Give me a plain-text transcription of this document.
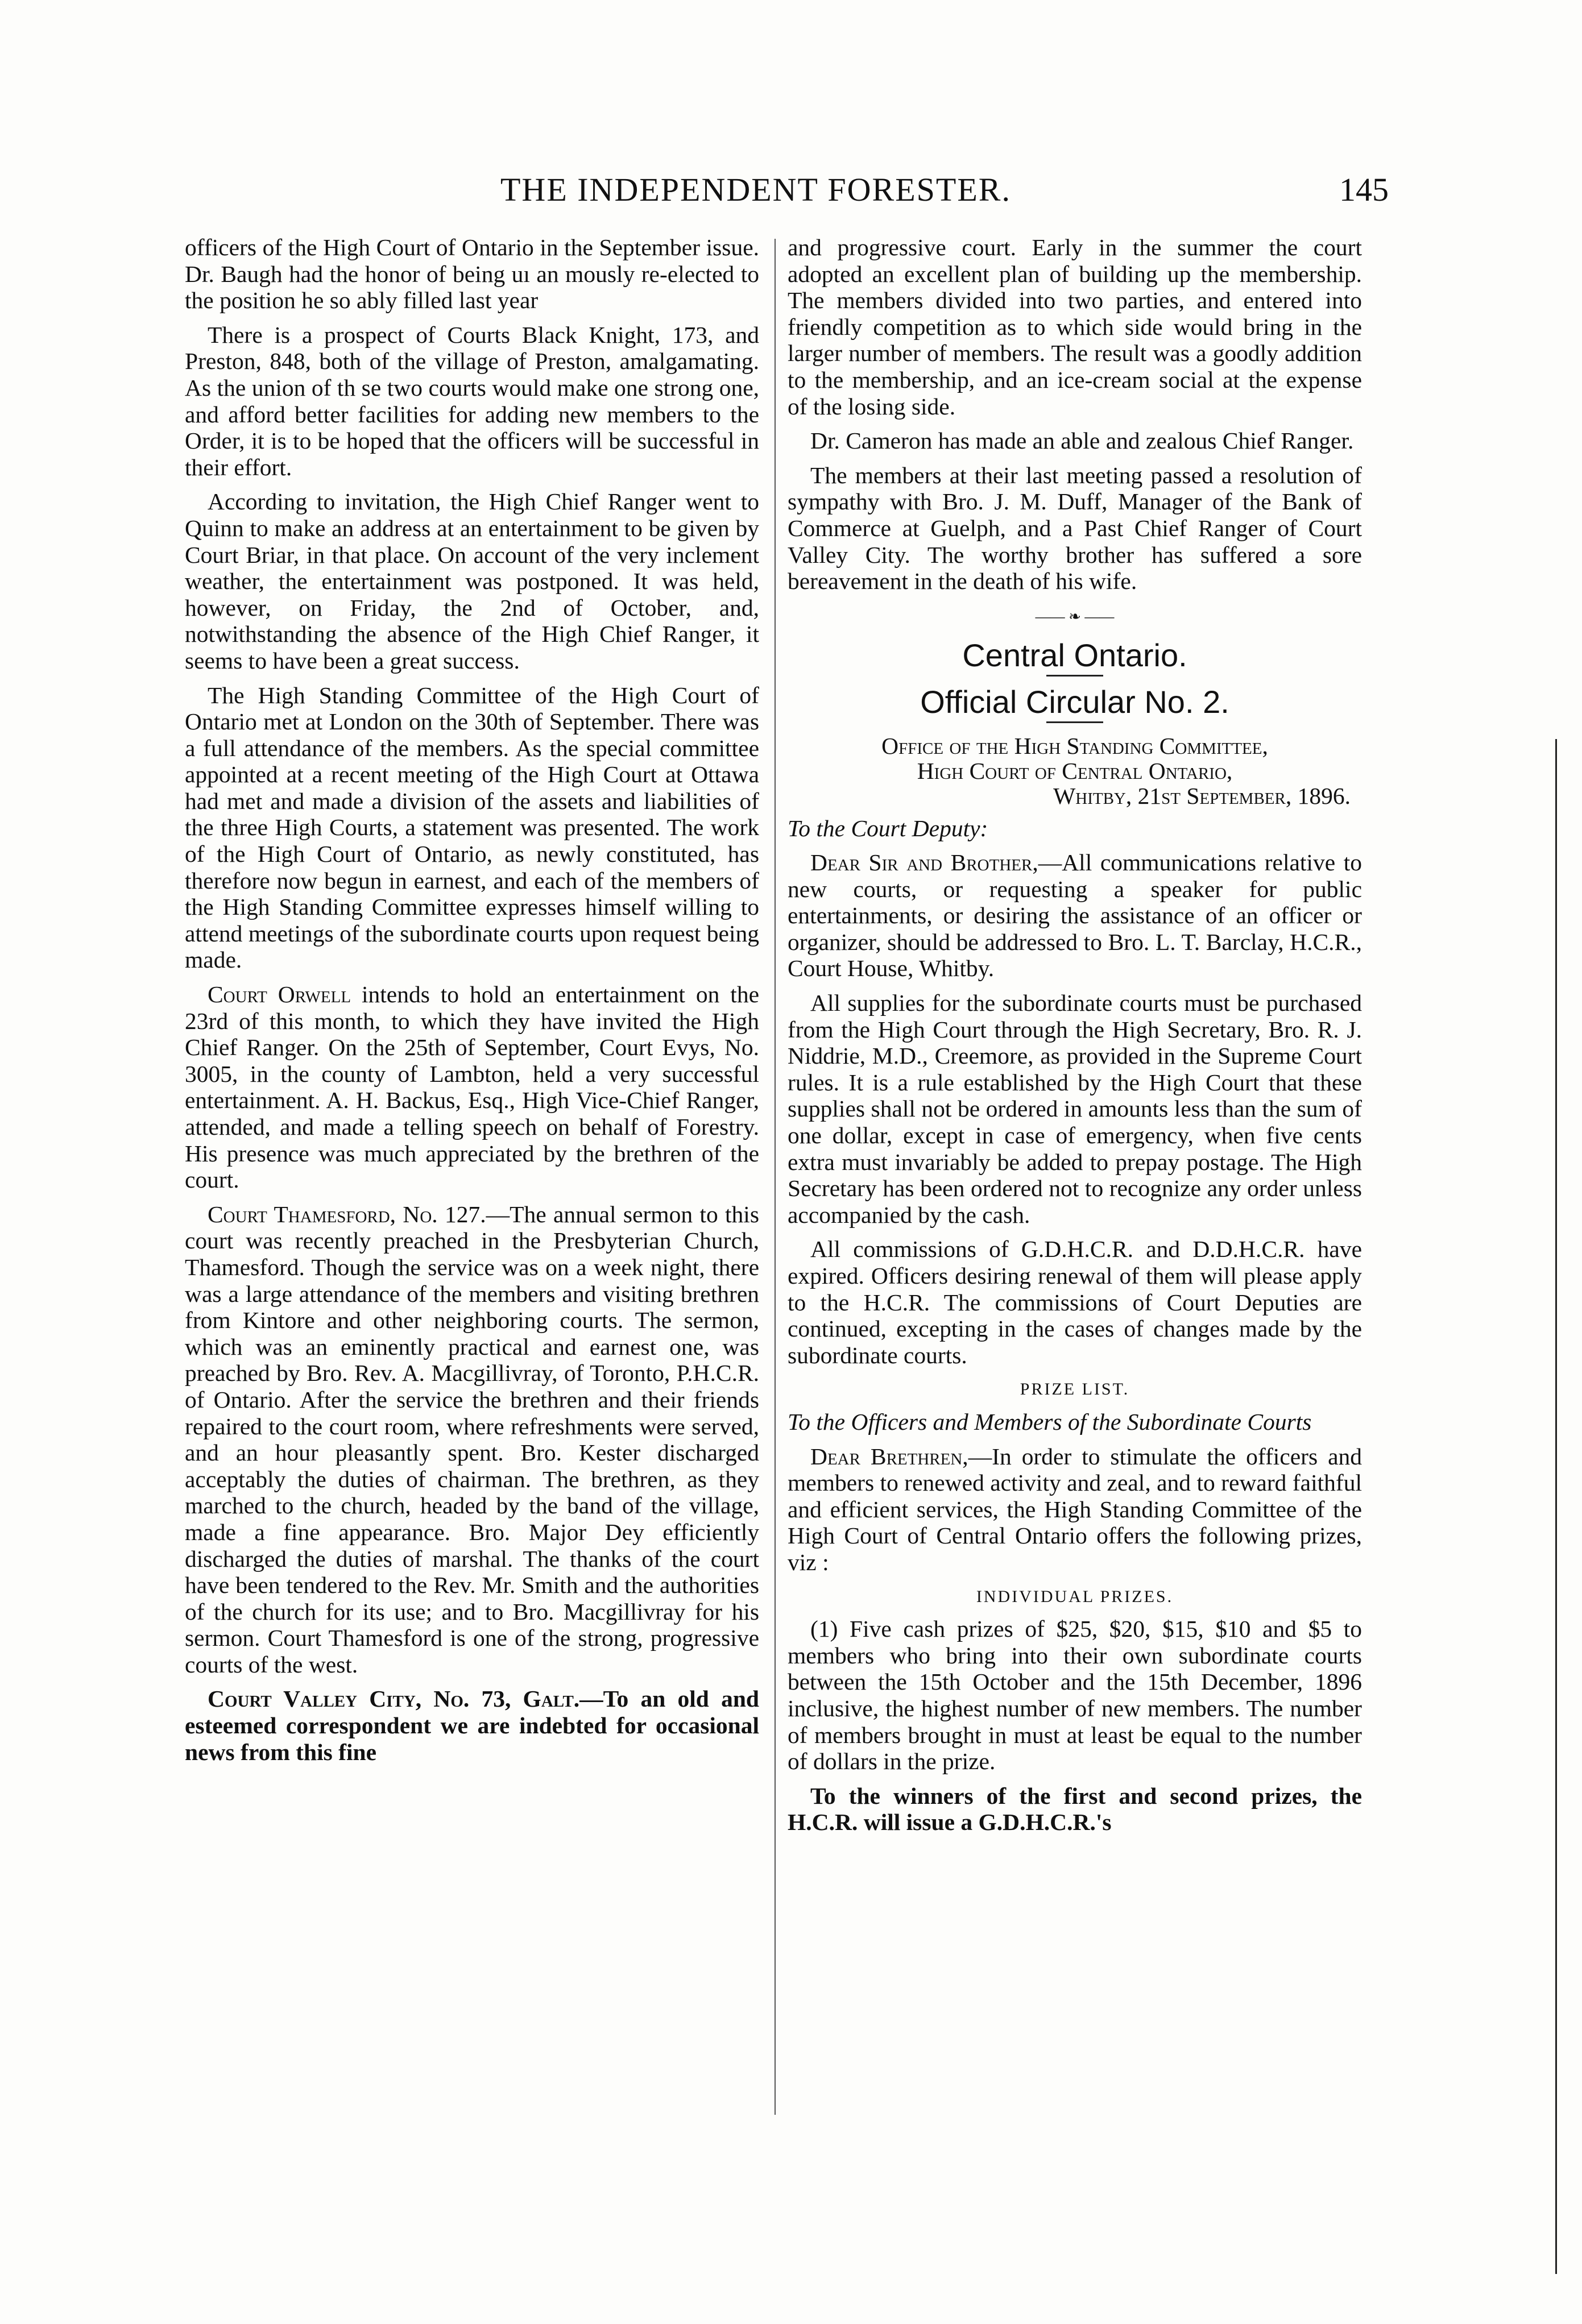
THE INDEPENDENT FORESTER.	145

officers of the High Court of Ontario in the September issue. Dr. Baugh had the honor of being uı an mously re-elected to the position he so ably filled last year

There is a prospect of Courts Black Knight, 173, and Preston, 848, both of the village of Preston, amalgamating. As the union of th se two courts would make one strong one, and afford better facilities for adding new members to the Order, it is to be hoped that the officers will be successful in their effort.

According to invitation, the High Chief Ranger went to Quinn to make an address at an entertainment to be given by Court Briar, in that place. On account of the very inclement weather, the entertainment was postponed. It was held, however, on Friday, the 2nd of October, and, notwithstanding the absence of the High Chief Ranger, it seems to have been a great success.

The High Standing Committee of the High Court of Ontario met at London on the 30th of September. There was a full attendance of the members. As the special committee appointed at a recent meeting of the High Court at Ottawa had met and made a division of the assets and liabilities of the three High Courts, a statement was presented. The work of the High Court of Ontario, as newly constituted, has therefore now begun in earnest, and each of the members of the High Standing Committee expresses himself willing to attend meetings of the subordinate courts upon request being made.

Court Orwell intends to hold an entertainment on the 23rd of this month, to which they have invited the High Chief Ranger. On the 25th of September, Court Evys, No. 3005, in the county of Lambton, held a very successful entertainment. A. H. Backus, Esq., High Vice-Chief Ranger, attended, and made a telling speech on behalf of Forestry. His presence was much appreciated by the brethren of the court.

Court Thamesford, No. 127.—The annual sermon to this court was recently preached in the Presbyterian Church, Thamesford. Though the service was on a week night, there was a large attendance of the members and visiting brethren from Kintore and other neighboring courts. The sermon, which was an eminently practical and earnest one, was preached by Bro. Rev. A. Macgillivray, of Toronto, P.H.C.R. of Ontario. After the service the brethren and their friends repaired to the court room, where refreshments were served, and an hour pleasantly spent. Bro. Kester discharged acceptably the duties of chairman. The brethren, as they marched to the church, headed by the band of the village, made a fine appearance. Bro. Major Dey efficiently discharged the duties of marshal. The thanks of the court have been tendered to the Rev. Mr. Smith and the authorities of the church for its use; and to Bro. Macgillivray for his sermon. Court Thamesford is one of the strong, progressive courts of the west.

Court Valley City, No. 73, Galt.—To an old and esteemed correspondent we are indebted for occasional news from this fine

and progressive court. Early in the summer the court adopted an excellent plan of building up the membership. The members divided into two parties, and entered into friendly competition as to which side would bring in the larger number of members. The result was a goodly addition to the membership, and an ice-cream social at the expense of the losing side.

Dr. Cameron has made an able and zealous Chief Ranger.

The members at their last meeting passed a resolution of sympathy with Bro. J. M. Duff, Manager of the Bank of Commerce at Guelph, and a Past Chief Ranger of Court Valley City. The worthy brother has suffered a sore bereavement in the death of his wife.

—— ❧ ——
Central Ontario.
Official Circular No. 2.
Office of the High Standing Committee,
High Court of Central Ontario,
Whitby, 21st September, 1896.

To the Court Deputy:

Dear Sir and Brother,—All communications relative to new courts, or requesting a speaker for public entertainments, or desiring the assistance of an officer or organizer, should be addressed to Bro. L. T. Barclay, H.C.R., Court House, Whitby.

All supplies for the subordinate courts must be purchased from the High Court through the High Secretary, Bro. R. J. Niddrie, M.D., Creemore, as provided in the Supreme Court rules. It is a rule established by the High Court that these supplies shall not be ordered in amounts less than the sum of one dollar, except in case of emergency, when five cents extra must invariably be added to prepay postage. The High Secretary has been ordered not to recognize any order unless accompanied by the cash.

All commissions of G.D.H.C.R. and D.D.H.C.R. have expired. Officers desiring renewal of them will please apply to the H.C.R. The commissions of Court Deputies are continued, excepting in the cases of changes made by the subordinate courts.

PRIZE LIST.

To the Officers and Members of the Subordinate Courts

Dear Brethren,—In order to stimulate the officers and members to renewed activity and zeal, and to reward faithful and efficient services, the High Standing Committee of the High Court of Central Ontario offers the following prizes, viz :

INDIVIDUAL PRIZES.

(1) Five cash prizes of $25, $20, $15, $10 and $5 to members who bring into their own subordinate courts between the 15th October and the 15th December, 1896 inclusive, the highest number of new members. The number of members brought in must at least be equal to the number of dollars in the prize.

To the winners of the first and second prizes, the H.C.R. will issue a G.D.H.C.R.'s
